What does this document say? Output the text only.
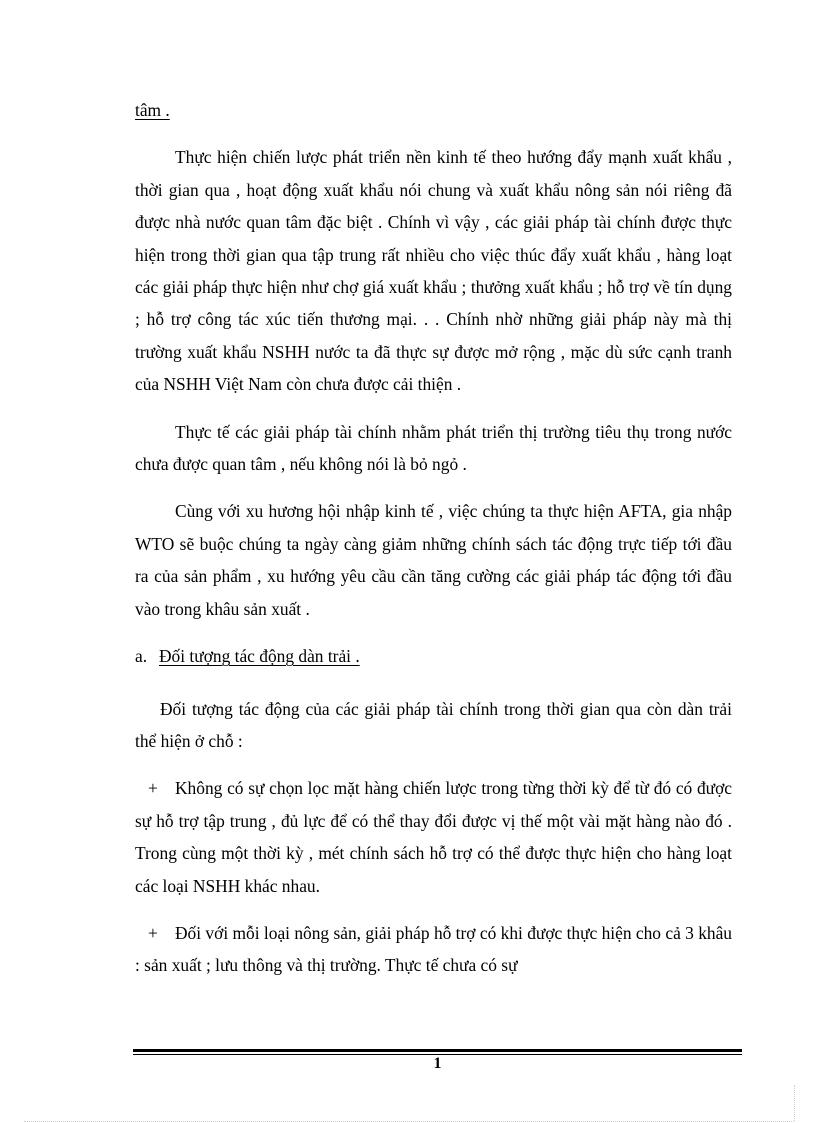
tâm .

Thực hiện chiến lược phát triển nền kinh tế theo hướng đẩy mạnh xuất khẩu , thời gian qua , hoạt động xuất khẩu nói chung và xuất khẩu nông sản nói riêng đã được nhà nước quan tâm đặc biệt . Chính vì vậy , các giải pháp tài chính được thực hiện trong thời gian qua tập trung rất nhiều cho việc thúc đẩy xuất khẩu , hàng loạt các giải pháp thực hiện như chợ giá xuất khẩu ; thưởng xuất khẩu ; hỗ trợ về tín dụng ; hỗ trợ công tác xúc tiến thương mại. . . Chính nhờ những giải pháp này mà thị trường xuất khẩu NSHH nước ta đã thực sự được mở rộng , mặc dù sức cạnh tranh của NSHH Việt Nam còn chưa được cải thiện .

Thực tế các giải pháp tài chính nhằm phát triển thị trường tiêu thụ trong nước chưa được quan tâm , nếu không nói là bỏ ngỏ .

Cùng với xu hương hội nhập kinh tế , việc chúng ta thực hiện AFTA, gia nhập WTO sẽ buộc chúng ta ngày càng giảm những chính sách tác động trực tiếp tới đầu ra của sản phẩm , xu hướng yêu cầu cần tăng cường các giải pháp tác động tới đầu vào trong khâu sản xuất .

a. Đối tượng tác động dàn trải .

Đối tượng tác động của các giải pháp tài chính trong thời gian qua còn dàn trải thể hiện ở chỗ :

+ Không có sự chọn lọc mặt hàng chiến lược trong từng thời kỳ để từ đó có được sự hỗ trợ tập trung , đủ lực để có thể thay đổi được vị thế một vài mặt hàng nào đó . Trong cùng một thời kỳ , mét chính sách hỗ trợ có thể được thực hiện cho hàng loạt các loại NSHH khác nhau.

+ Đối với mỗi loại nông sản, giải pháp hỗ trợ có khi được thực hiện cho cả 3 khâu : sản xuất ; lưu thông và thị trường. Thực tế chưa có sự

1
